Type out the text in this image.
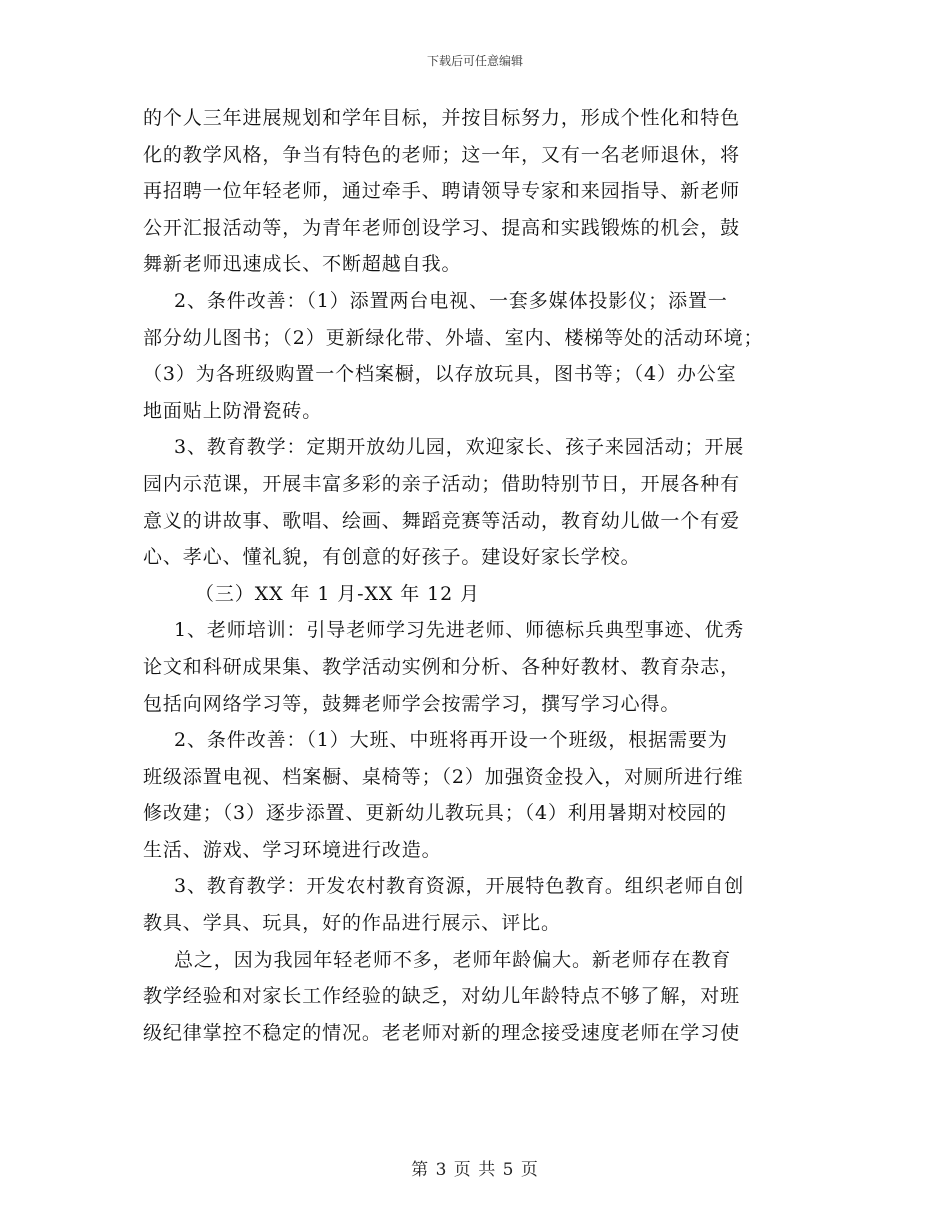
下载后可任意编辑
的个人三年进展规划和学年目标，并按目标努力，形成个性化和特色
化的教学风格，争当有特色的老师；这一年，又有一名老师退休，将
再招聘一位年轻老师，通过牵手、聘请领导专家和来园指导、新老师
公开汇报活动等，为青年老师创设学习、提高和实践锻炼的机会，鼓
舞新老师迅速成长、不断超越自我。
2、条件改善：（1）添置两台电视、一套多媒体投影仪；添置一
部分幼儿图书；（2）更新绿化带、外墙、室内、楼梯等处的活动环境；
（3）为各班级购置一个档案橱，以存放玩具，图书等；（4）办公室
地面贴上防滑瓷砖。
3、教育教学：定期开放幼儿园，欢迎家长、孩子来园活动；开展
园内示范课，开展丰富多彩的亲子活动；借助特别节日，开展各种有
意义的讲故事、歌唱、绘画、舞蹈竞赛等活动，教育幼儿做一个有爱
心、孝心、懂礼貌，有创意的好孩子。建设好家长学校。
（三）XX 年 1 月-XX 年 12 月
1、老师培训：引导老师学习先进老师、师德标兵典型事迹、优秀
论文和科研成果集、教学活动实例和分析、各种好教材、教育杂志，
包括向网络学习等，鼓舞老师学会按需学习，撰写学习心得。
2、条件改善：（1）大班、中班将再开设一个班级，根据需要为
班级添置电视、档案橱、桌椅等；（2）加强资金投入，对厕所进行维
修改建；（3）逐步添置、更新幼儿教玩具；（4）利用暑期对校园的
生活、游戏、学习环境进行改造。
3、教育教学：开发农村教育资源，开展特色教育。组织老师自创
教具、学具、玩具，好的作品进行展示、评比。
总之，因为我园年轻老师不多，老师年龄偏大。新老师存在教育
教学经验和对家长工作经验的缺乏，对幼儿年龄特点不够了解，对班
级纪律掌控不稳定的情况。老老师对新的理念接受速度老师在学习使
第 3 页 共 5 页
